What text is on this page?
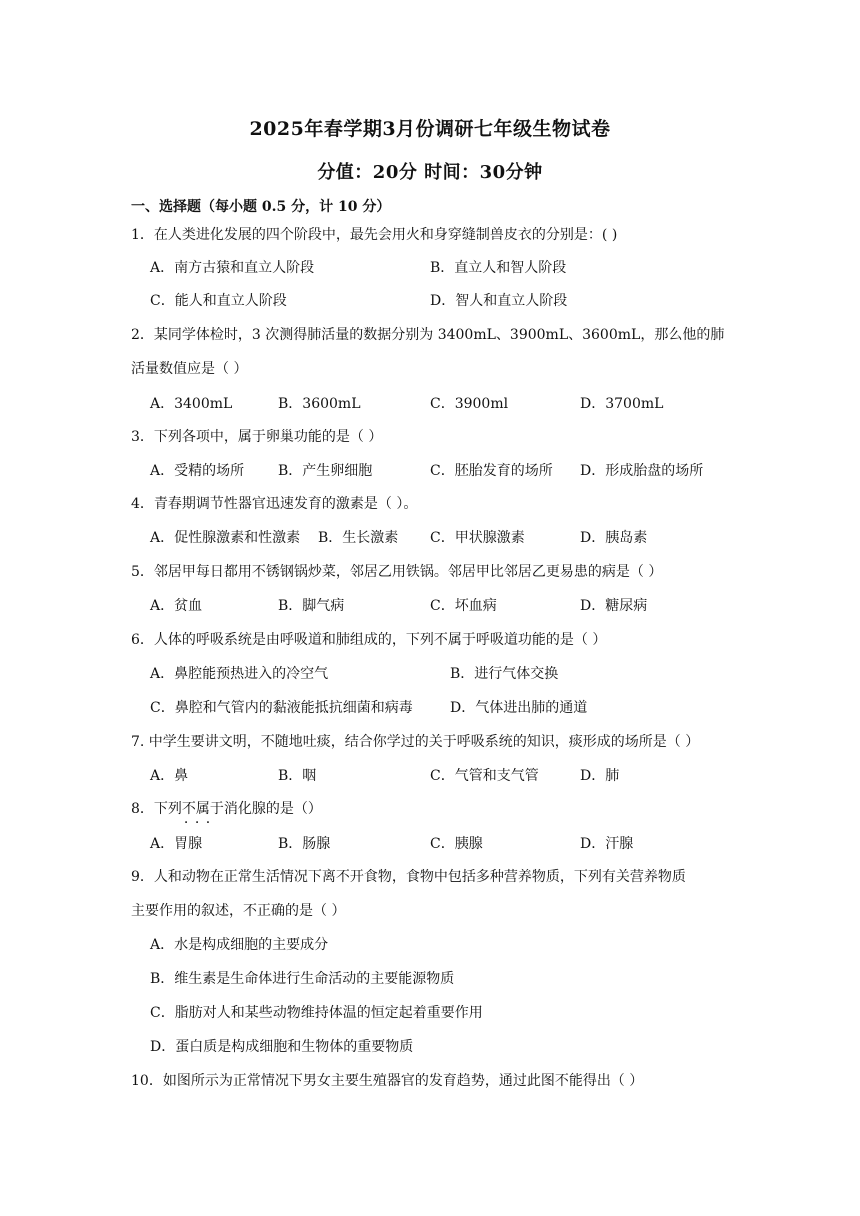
2025年春学期3月份调研七年级生物试卷
分值：20分 时间：30分钟
一、选择题（每小题 0.5 分，计 10 分）
1．在人类进化发展的四个阶段中，最先会用火和身穿缝制兽皮衣的分别是：( )
A．南方古猿和直立人阶段	B．直立人和智人阶段
C．能人和直立人阶段	D．智人和直立人阶段
2．某同学体检时，3 次测得肺活量的数据分别为 3400mL、3900mL、3600mL，那么他的肺
活量数值应是（ ）
A．3400mL	B．3600mL	C．3900ml	D．3700mL
3．下列各项中，属于卵巢功能的是（ ）
A．受精的场所 B．产生卵细胞	C．胚胎发育的场所 D．形成胎盘的场所
4．青春期调节性器官迅速发育的激素是（ ）。
A．促性腺激素和性激素 B．生长激素 C．甲状腺激素	D．胰岛素
5．邻居甲每日都用不锈钢锅炒菜，邻居乙用铁锅。邻居甲比邻居乙更易患的病是（ ）
A．贫血	B．脚气病	C．坏血病	D．糖尿病
6．人体的呼吸系统是由呼吸道和肺组成的，下列不属于呼吸道功能的是（ ）
A．鼻腔能预热进入的冷空气	B．进行气体交换
C．鼻腔和气管内的黏液能抵抗细菌和病毒	D．气体进出肺的通道
7. 中学生要讲文明，不随地吐痰，结合你学过的关于呼吸系统的知识，痰形成的场所是（ ）
A．鼻	B．咽	C．气管和支气管	D．肺
8．下列不属于 · · ·消化腺的是（）
A．胃腺	B．肠腺	C．胰腺	D．汗腺
9．人和动物在正常生活情况下离不开食物，食物中包括多种营养物质，下列有关营养物质
主要作用的叙述，不正确的是（ ）
A．水是构成细胞的主要成分
B．维生素是生命体进行生命活动的主要能源物质
C．脂肪对人和某些动物维持体温的恒定起着重要作用
D．蛋白质是构成细胞和生物体的重要物质
10．如图所示为正常情况下男女主要生殖器官的发育趋势，通过此图不能得出（ ）
